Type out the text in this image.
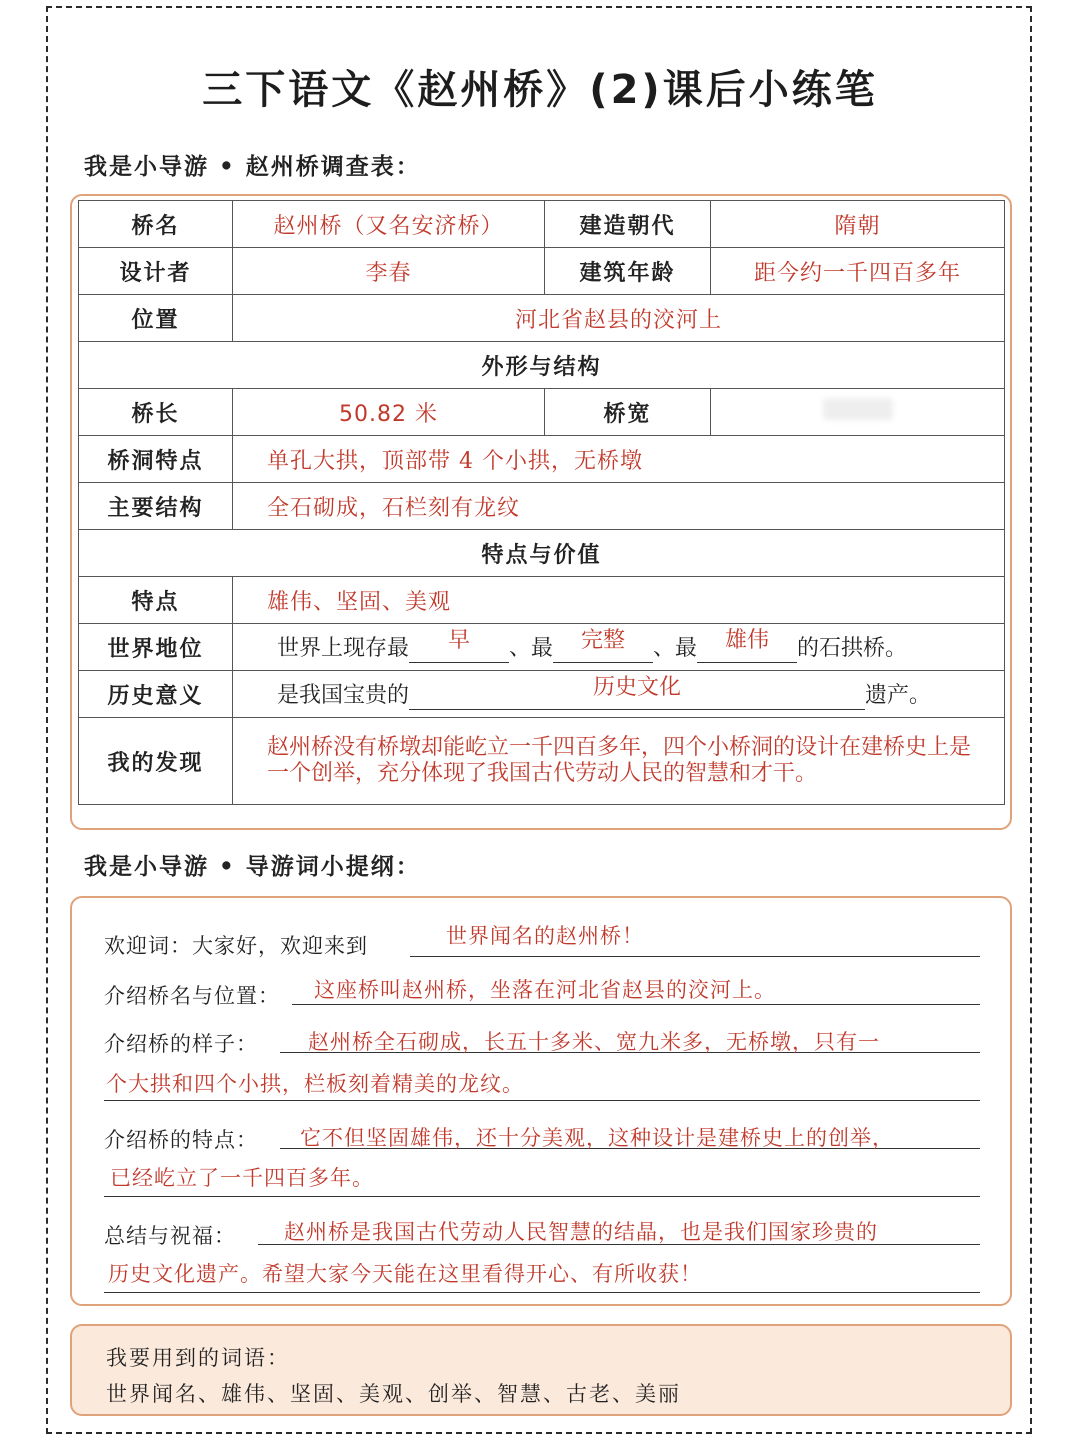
三下语文《赵州桥》(2)课后小练笔
我是小导游 • 赵州桥调查表：
桥名	赵州桥（又名安济桥）	建造朝代	隋朝
设计者	李春	建筑年龄	距今约一千四百多年
位置	河北省赵县的洨河上		
外形与结构			
桥长	50.82 米	桥宽	
桥洞特点	单孔大拱，顶部带 4 个小拱，无桥墩		
主要结构	全石砌成，石栏刻有龙纹		
特点与价值			
特点	雄伟、坚固、美观		
世界地位	世界上现存最 早 、最 完整 、最 雄伟 的石拱桥。		
历史意义	是我国宝贵的 历史文化 遗产。		
我的发现	赵州桥没有桥墩却能屹立一千四百多年，四个小桥洞的设计在建桥史上是一个创举，充分体现了我国古代劳动人民的智慧和才干。		
我是小导游 • 导游词小提纲：
欢迎词：大家好，欢迎来到	世界闻名的赵州桥！
介绍桥名与位置： 这座桥叫赵州桥，坐落在河北省赵县的洨河上。
介绍桥的样子： 赵州桥全石砌成，长五十多米、宽九米多，无桥墩，只有一
个大拱和四个小拱，栏板刻着精美的龙纹。
介绍桥的特点： 它不但坚固雄伟，还十分美观，这种设计是建桥史上的创举，
已经屹立了一千四百多年。
总结与祝福： 赵州桥是我国古代劳动人民智慧的结晶，也是我们国家珍贵的
历史文化遗产。希望大家今天能在这里看得开心、有所收获！
我要用到的词语：
世界闻名、雄伟、坚固、美观、创举、智慧、古老、美丽
